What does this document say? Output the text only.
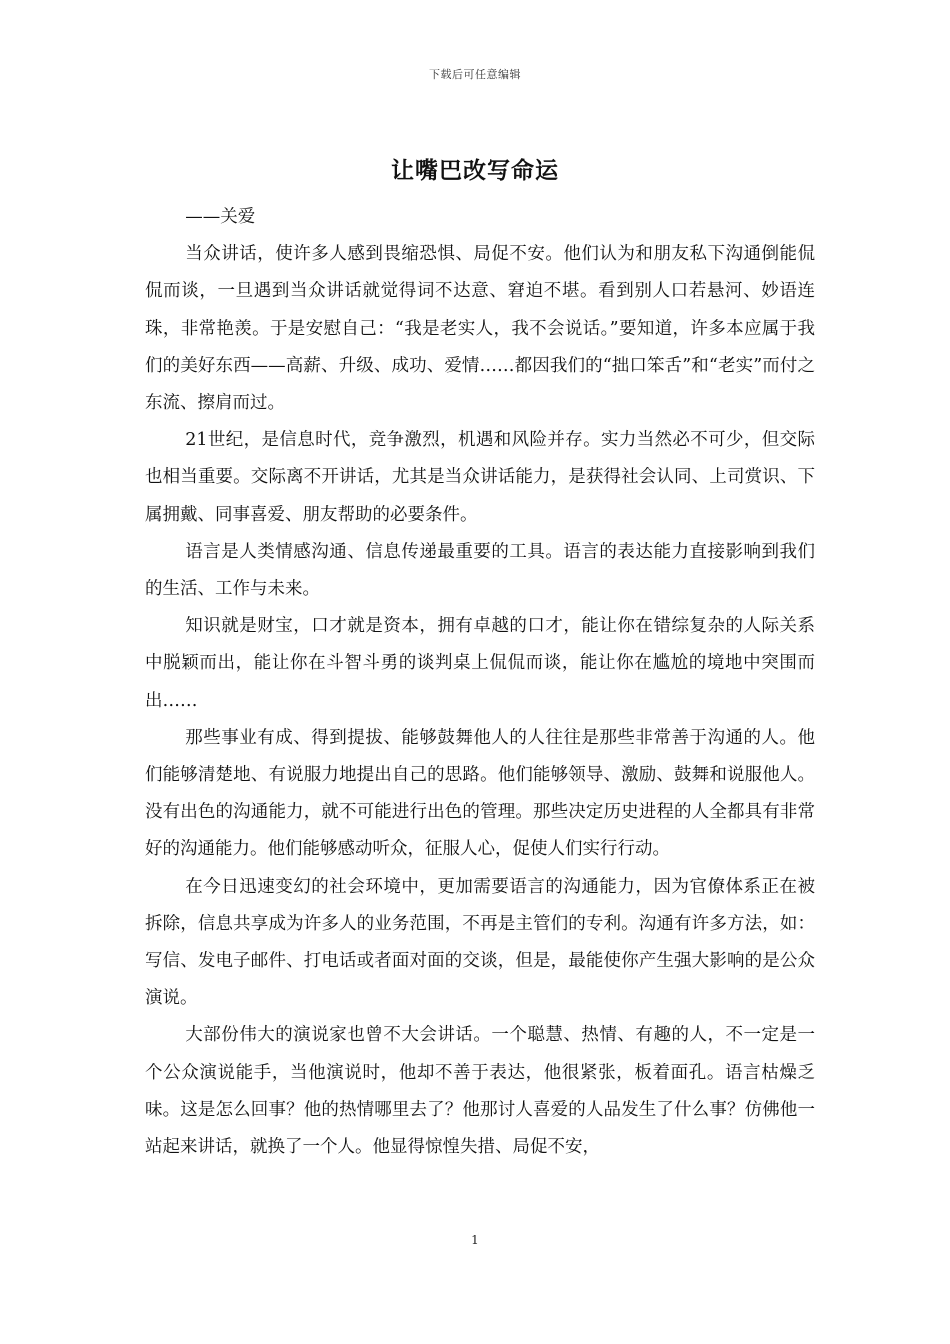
下载后可任意编辑
让嘴巴改写命运

——关爱

当众讲话，使许多人感到畏缩恐惧、局促不安。他们认为和朋友私下沟通倒能侃侃而谈，一旦遇到当众讲话就觉得词不达意、窘迫不堪。看到别人口若悬河、妙语连珠，非常艳羡。于是安慰自己：“我是老实人，我不会说话。”要知道，许多本应属于我们的美好东西——高薪、升级、成功、爱情……都因我们的“拙口笨舌”和“老实”而付之东流、擦肩而过。

21世纪，是信息时代，竞争激烈，机遇和风险并存。实力当然必不可少，但交际也相当重要。交际离不开讲话，尤其是当众讲话能力，是获得社会认同、上司赏识、下属拥戴、同事喜爱、朋友帮助的必要条件。

语言是人类情感沟通、信息传递最重要的工具。语言的表达能力直接影响到我们的生活、工作与未来。

知识就是财宝，口才就是资本，拥有卓越的口才，能让你在错综复杂的人际关系中脱颖而出，能让你在斗智斗勇的谈判桌上侃侃而谈，能让你在尴尬的境地中突围而出……

那些事业有成、得到提拔、能够鼓舞他人的人往往是那些非常善于沟通的人。他们能够清楚地、有说服力地提出自己的思路。他们能够领导、激励、鼓舞和说服他人。没有出色的沟通能力，就不可能进行出色的管理。那些决定历史进程的人全都具有非常好的沟通能力。他们能够感动听众，征服人心，促使人们实行行动。

在今日迅速变幻的社会环境中，更加需要语言的沟通能力，因为官僚体系正在被拆除，信息共享成为许多人的业务范围，不再是主管们的专利。沟通有许多方法，如：写信、发电子邮件、打电话或者面对面的交谈，但是，最能使你产生强大影响的是公众演说。

大部份伟大的演说家也曾不大会讲话。一个聪慧、热情、有趣的人，不一定是一个公众演说能手，当他演说时，他却不善于表达，他很紧张，板着面孔。语言枯燥乏味。这是怎么回事？他的热情哪里去了？他那讨人喜爱的人品发生了什么事？仿佛他一站起来讲话，就换了一个人。他显得惊惶失措、局促不安，

1
